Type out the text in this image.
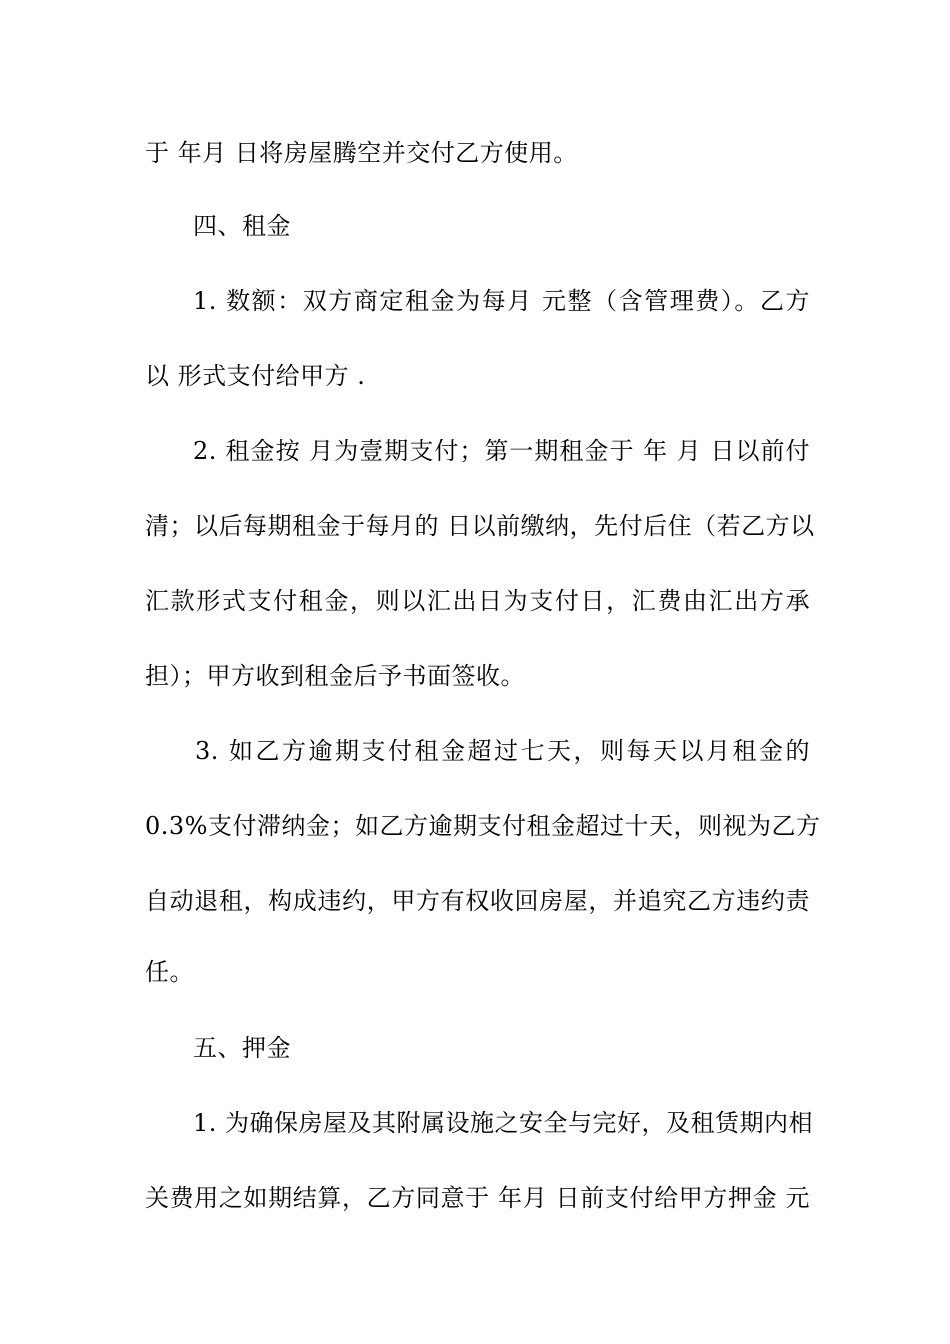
于 年月 日将房屋腾空并交付乙方使用。
四、租金
1. 数额：双方商定租金为每月 元整（含管理费）。乙方
以 形式支付给甲方 .
2. 租金按 月为壹期支付；第一期租金于 年 月 日以前付
清；以后每期租金于每月的 日以前缴纳，先付后住（若乙方以
汇款形式支付租金，则以汇出日为支付日，汇费由汇出方承
担）；甲方收到租金后予书面签收。
3. 如乙方逾期支付租金超过七天，则每天以月租金的
0.3%支付滞纳金；如乙方逾期支付租金超过十天，则视为乙方
自动退租，构成违约，甲方有权收回房屋，并追究乙方违约责
任。
五、押金
1. 为确保房屋及其附属设施之安全与完好，及租赁期内相
关费用之如期结算，乙方同意于 年月 日前支付给甲方押金 元
